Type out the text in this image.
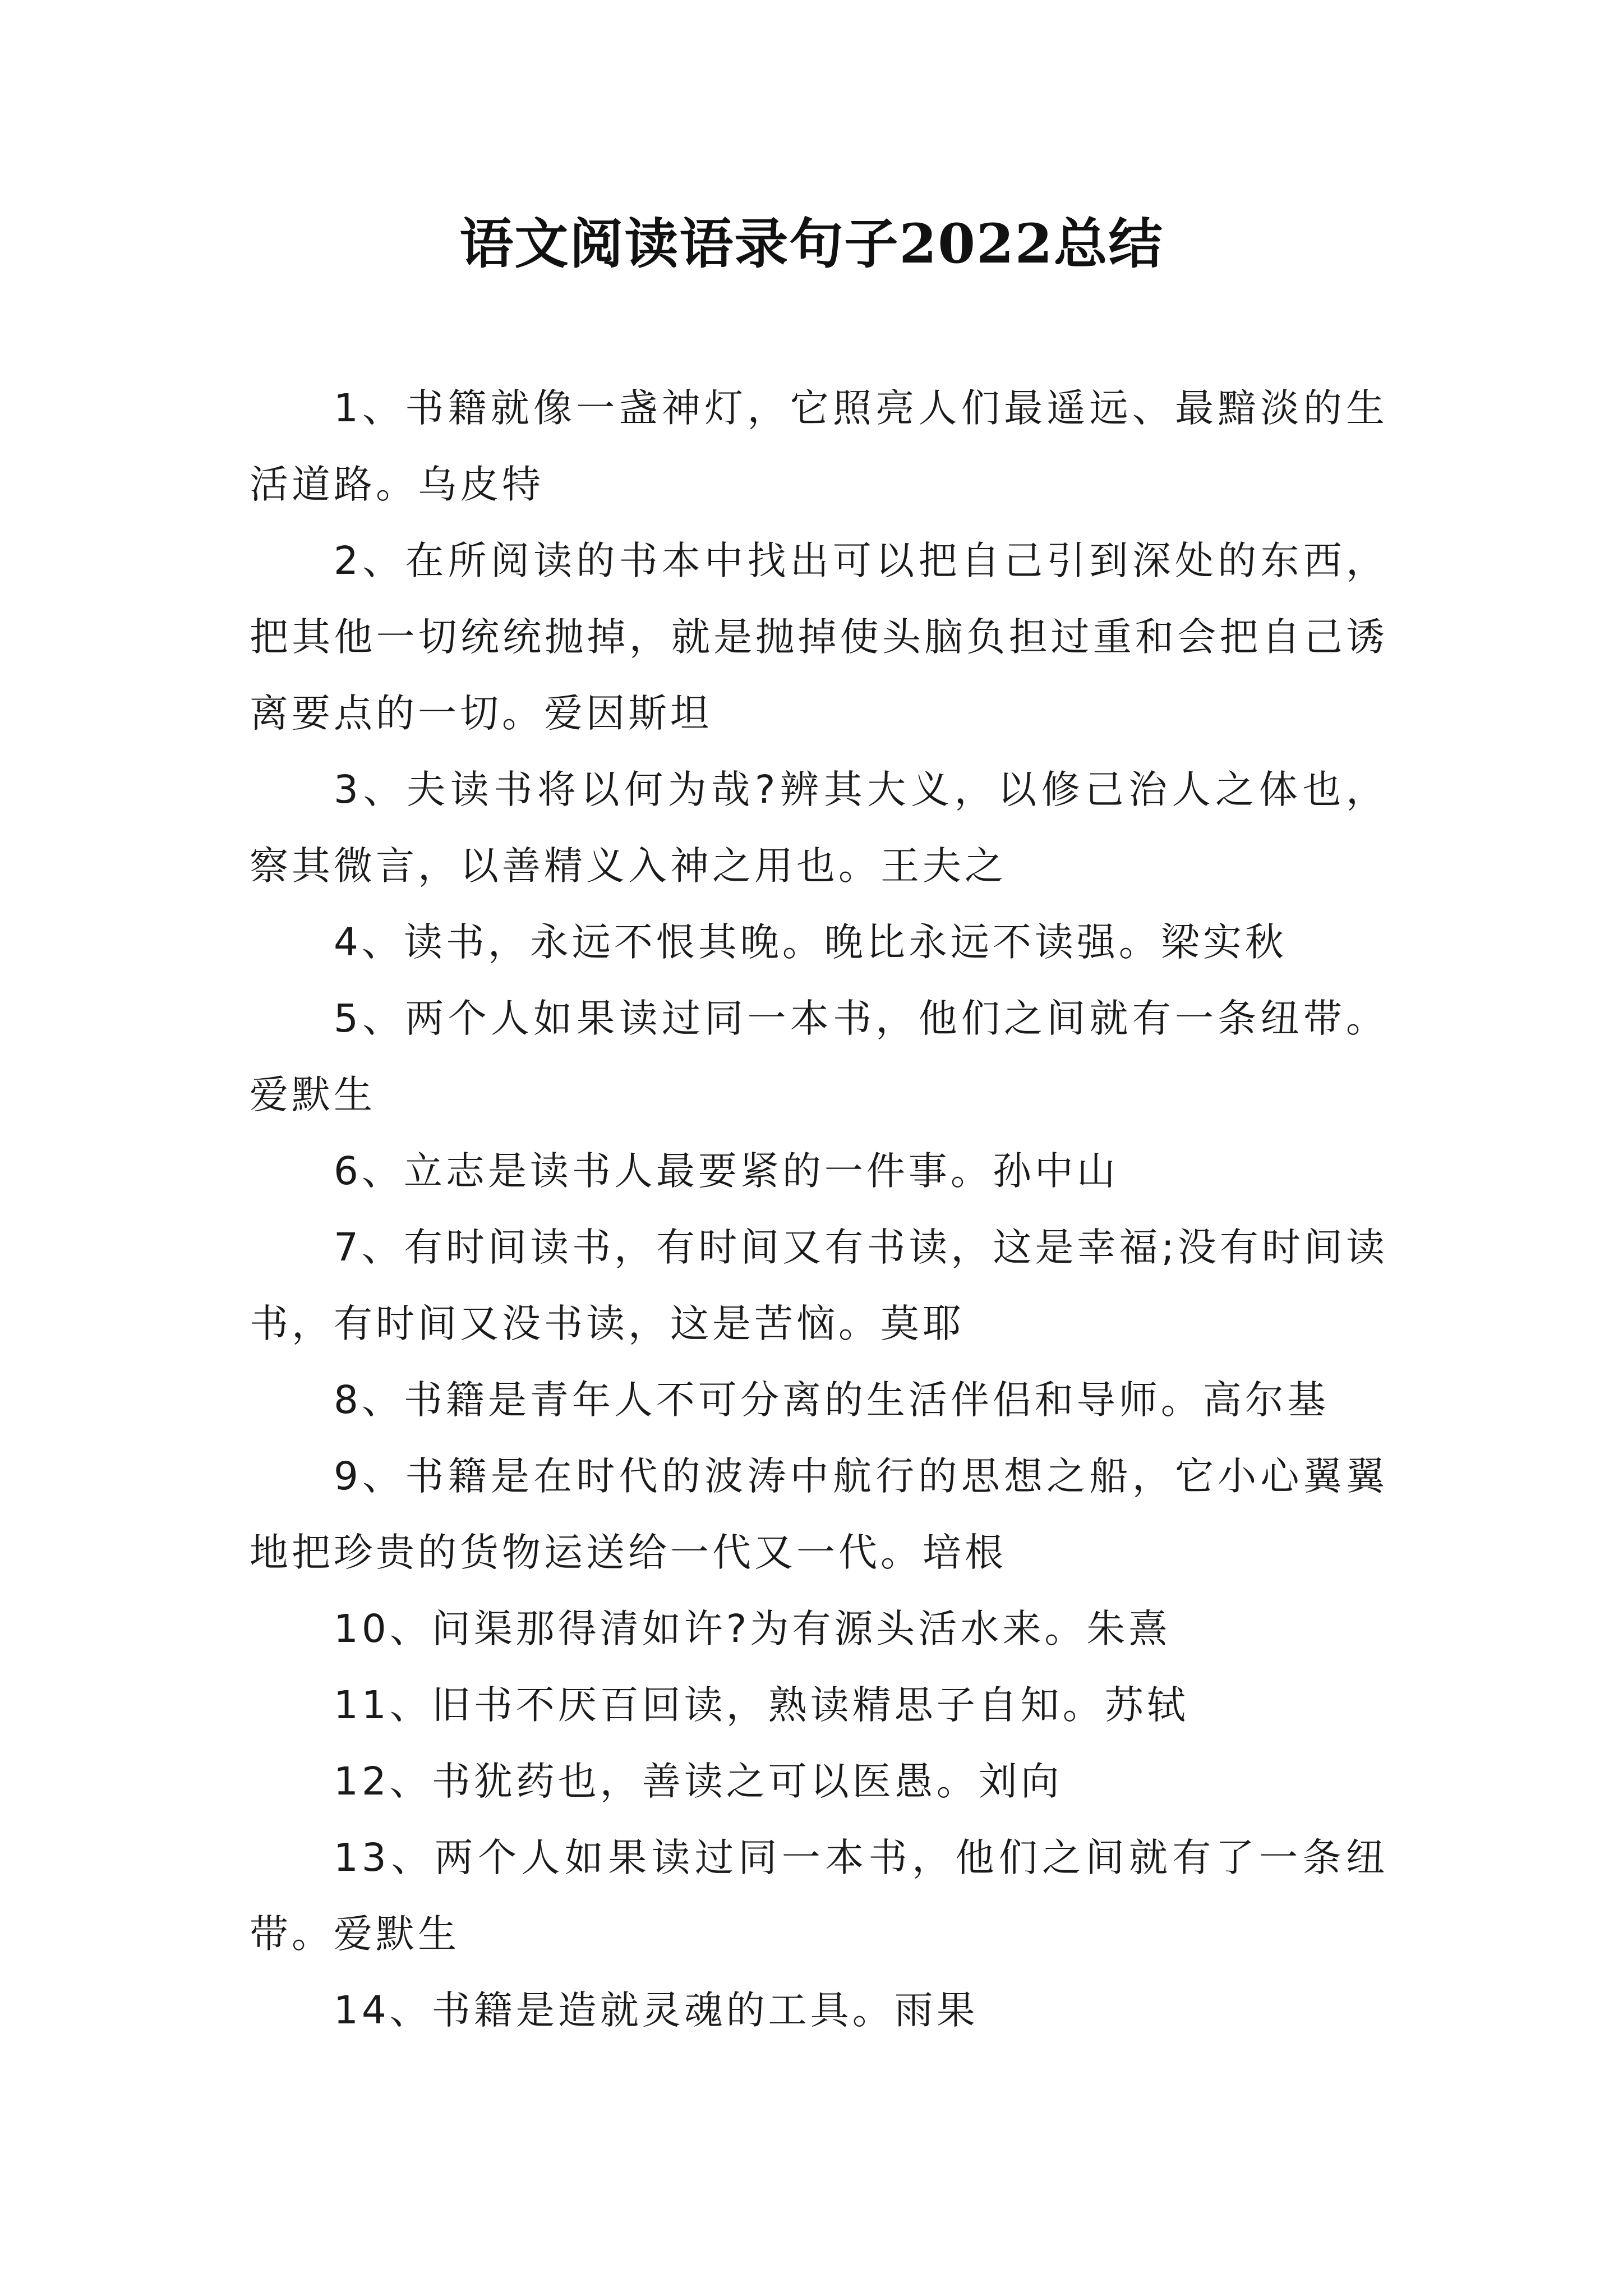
语文阅读语录句子2022总结

1、书籍就像一盏神灯，它照亮人们最遥远、最黯淡的生活道路。乌皮特

2、在所阅读的书本中找出可以把自己引到深处的东西，把其他一切统统抛掉，就是抛掉使头脑负担过重和会把自己诱离要点的一切。爱因斯坦

3、夫读书将以何为哉?辨其大义，以修己治人之体也，察其微言，以善精义入神之用也。王夫之

4、读书，永远不恨其晚。晚比永远不读强。梁实秋

5、两个人如果读过同一本书，他们之间就有一条纽带。爱默生

6、立志是读书人最要紧的一件事。孙中山

7、有时间读书，有时间又有书读，这是幸福;没有时间读书，有时间又没书读，这是苦恼。莫耶

8、书籍是青年人不可分离的生活伴侣和导师。高尔基

9、书籍是在时代的波涛中航行的思想之船，它小心翼翼地把珍贵的货物运送给一代又一代。培根

10、问渠那得清如许?为有源头活水来。朱熹

11、旧书不厌百回读，熟读精思子自知。苏轼

12、书犹药也，善读之可以医愚。刘向

13、两个人如果读过同一本书，他们之间就有了一条纽带。爱默生

14、书籍是造就灵魂的工具。雨果
